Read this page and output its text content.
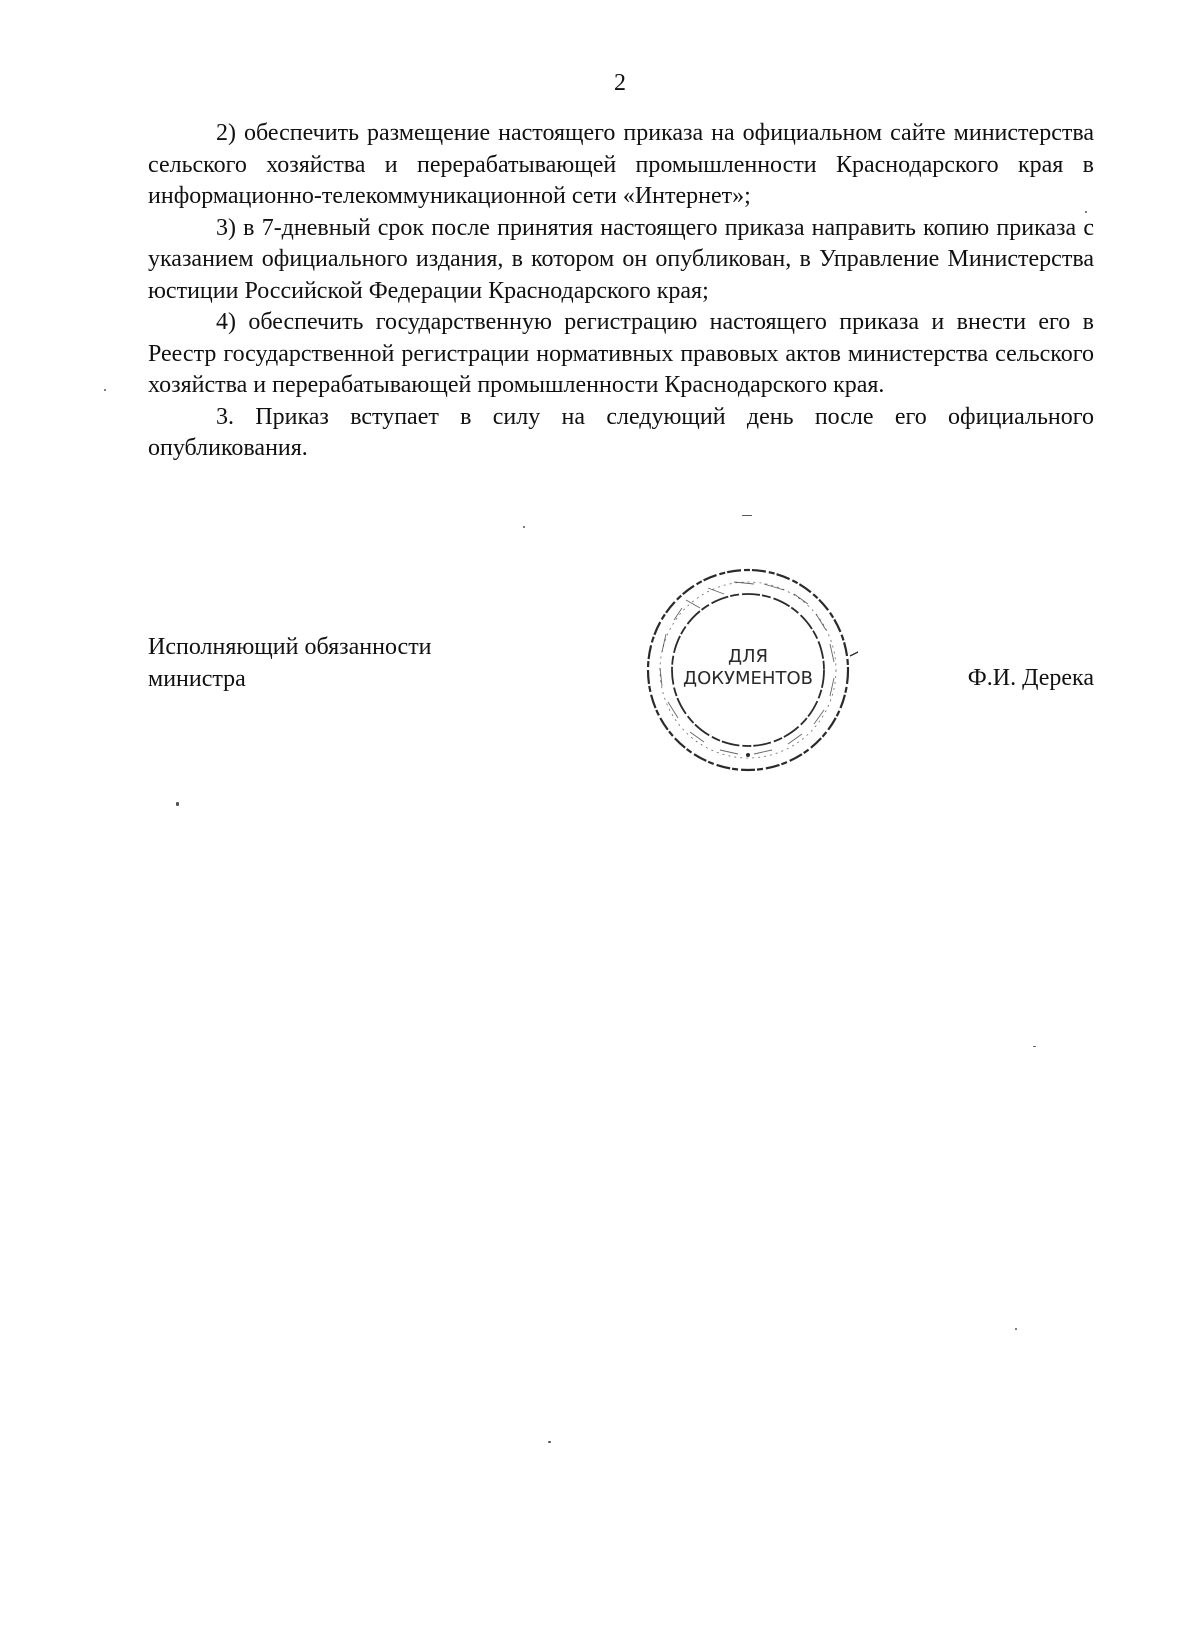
2

2) обеспечить размещение настоящего приказа на официальном сайте министерства сельского хозяйства и перерабатывающей промышленности Краснодарского края в информационно-телекоммуникационной сети «Интернет»;

3) в 7-дневный срок после принятия настоящего приказа направить копию приказа с указанием официального издания, в котором он опубликован, в Управление Министерства юстиции Российской Федерации Краснодарского края;

4) обеспечить государственную регистрацию настоящего приказа и внести его в Реестр государственной регистрации нормативных правовых актов министерства сельского хозяйства и перерабатывающей промышленности Краснодарского края.

3. Приказ вступает в силу на следующий день после его официального опубликования.

Исполняющий обязанности
министра	Ф.И. Дерека
ДЛЯ
ДОКУМЕНТОВ
